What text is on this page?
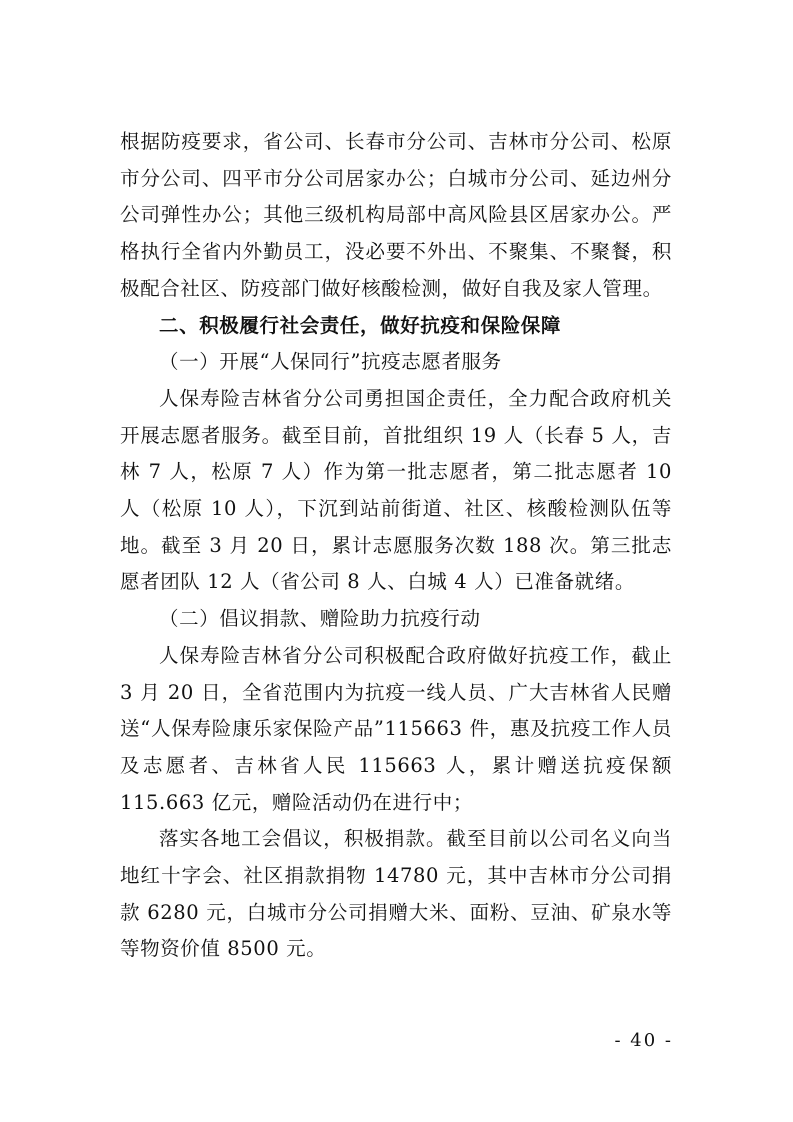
根据防疫要求，省公司、长春市分公司、吉林市分公司、松原市分公司、四平市分公司居家办公；白城市分公司、延边州分公司弹性办公；其他三级机构局部中高风险县区居家办公。严格执行全省内外勤员工，没必要不外出、不聚集、不聚餐，积极配合社区、防疫部门做好核酸检测，做好自我及家人管理。

二、积极履行社会责任，做好抗疫和保险保障

（一）开展“人保同行”抗疫志愿者服务

人保寿险吉林省分公司勇担国企责任，全力配合政府机关开展志愿者服务。截至目前，首批组织 19 人（长春 5 人，吉林 7 人，松原 7 人）作为第一批志愿者，第二批志愿者 10 人（松原 10 人），下沉到站前街道、社区、核酸检测队伍等地。截至 3 月 20 日，累计志愿服务次数 188 次。第三批志愿者团队 12 人（省公司 8 人、白城 4 人）已准备就绪。

（二）倡议捐款、赠险助力抗疫行动

人保寿险吉林省分公司积极配合政府做好抗疫工作，截止 3 月 20 日，全省范围内为抗疫一线人员、广大吉林省人民赠送“人保寿险康乐家保险产品”115663 件，惠及抗疫工作人员及志愿者、吉林省人民 115663 人，累计赠送抗疫保额 115.663 亿元，赠险活动仍在进行中；

落实各地工会倡议，积极捐款。截至目前以公司名义向当地红十字会、社区捐款捐物 14780 元，其中吉林市分公司捐款 6280 元，白城市分公司捐赠大米、面粉、豆油、矿泉水等等物资价值 8500 元。

- 40 -
